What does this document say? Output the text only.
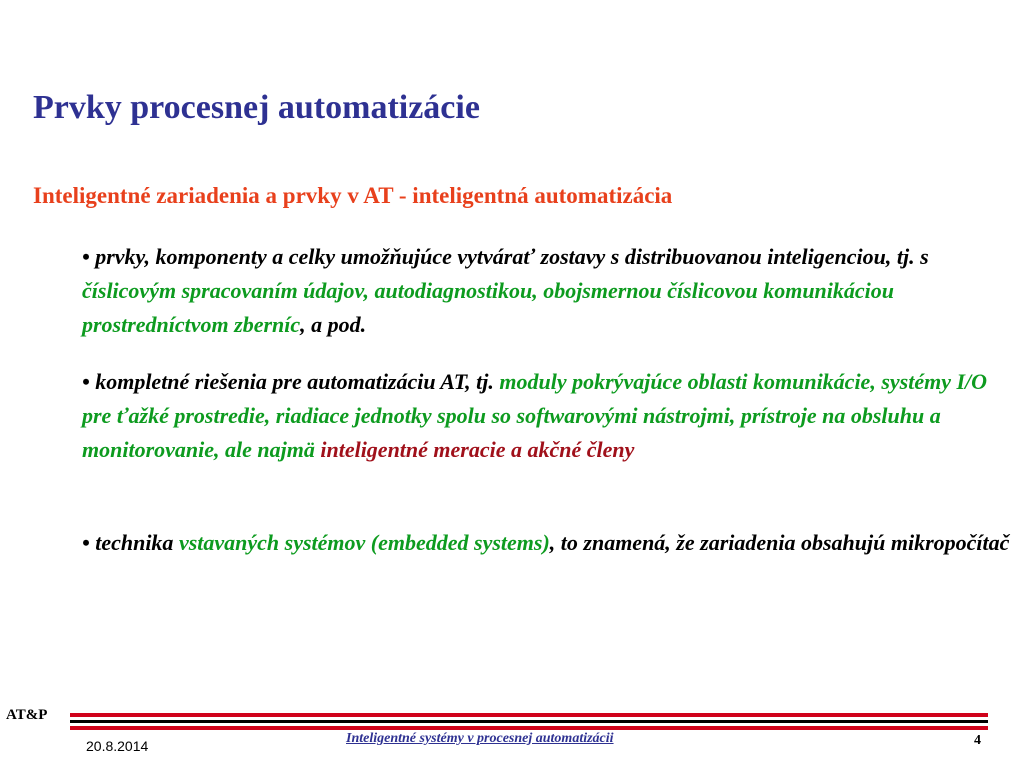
Prvky procesnej automatizácie
Inteligentné zariadenia a prvky v AT - inteligentná automatizácia

• prvky, komponenty a celky umožňujúce vytvárať zostavy s distribuovanou inteligenciou, tj. s číslicovým spracovaním údajov, autodiagnostikou, obojsmernou číslicovou komunikáciou prostredníctvom zberníc, a pod.

• kompletné riešenia pre automatizáciu AT, tj. moduly pokrývajúce oblasti komunikácie, systémy I/O pre ťažké prostredie, riadiace jednotky spolu so softwarovými nástrojmi, prístroje na obsluhu a monitorovanie, ale najmä inteligentné meracie a akčné členy

• technika vstavaných systémov (embedded systems), to znamená, že zariadenia obsahujú mikropočítač

AT&P
Inteligentné systémy v procesnej automatizácii
20.8.2014	4
